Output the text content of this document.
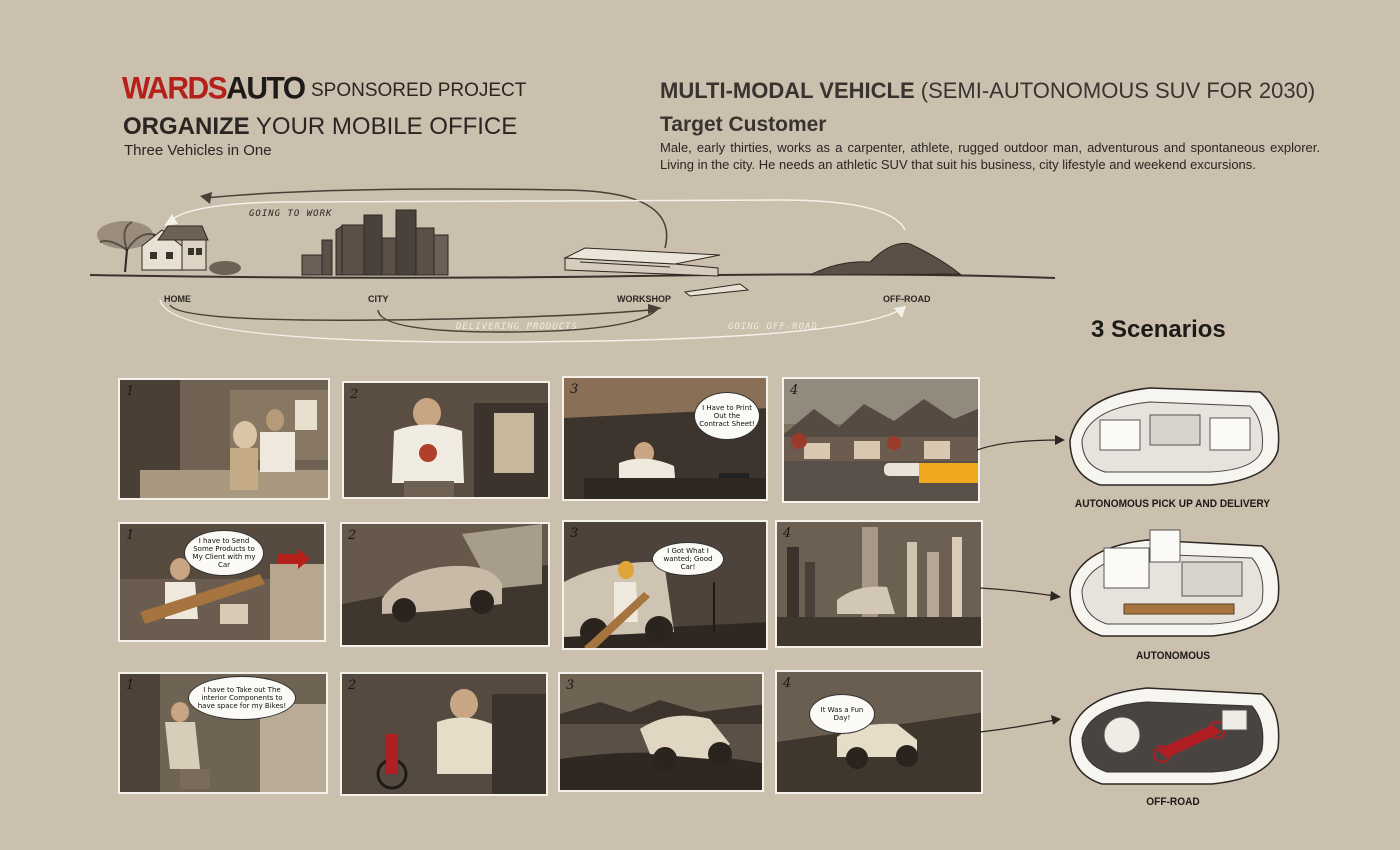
WARDSAUTO SPONSORED PROJECT
ORGANIZE YOUR MOBILE OFFICE
Three Vehicles in One
MULTI-MODAL VEHICLE (SEMI-AUTONOMOUS SUV FOR 2030)
Target Customer
Male, early thirties, works as a carpenter, athlete, rugged outdoor man, adventurous and spontaneous explorer. Living in the city. He needs an athletic SUV that suit his business, city lifestyle and weekend excursions.
HOME	CITY	WORKSHOP	OFF-ROAD
GOING TO WORK
DELIVERING PRODUCTS	GOING OFF-ROAD	3 Scenarios
1	2	3
I Have to Print Out the Contract Sheet!
4
1	I have to Send Some Products to My Client with my Car
2	3
I Got What I wanted; Good Car!
4
1	I have to Take out The interior Components to have space for my Bikes!
2	3	4
It Was a Fun Day!
AUTONOMOUS PICK UP AND DELIVERY
AUTONOMOUS
OFF-ROAD
